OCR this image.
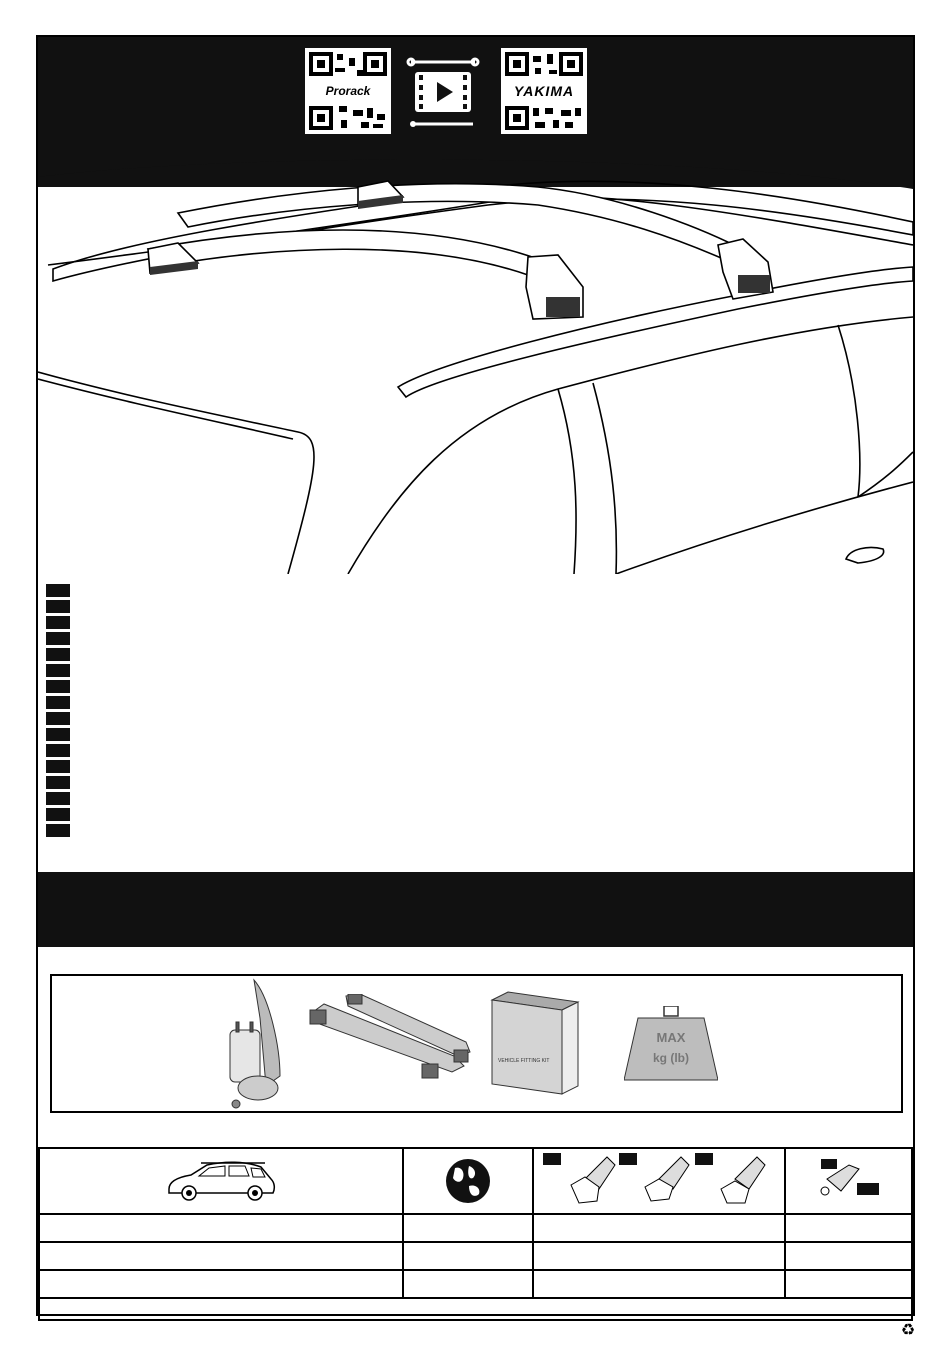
Prorack	YAKIMA
VEHICLE FITTING KIT
MAX
kg (lb)

♻
